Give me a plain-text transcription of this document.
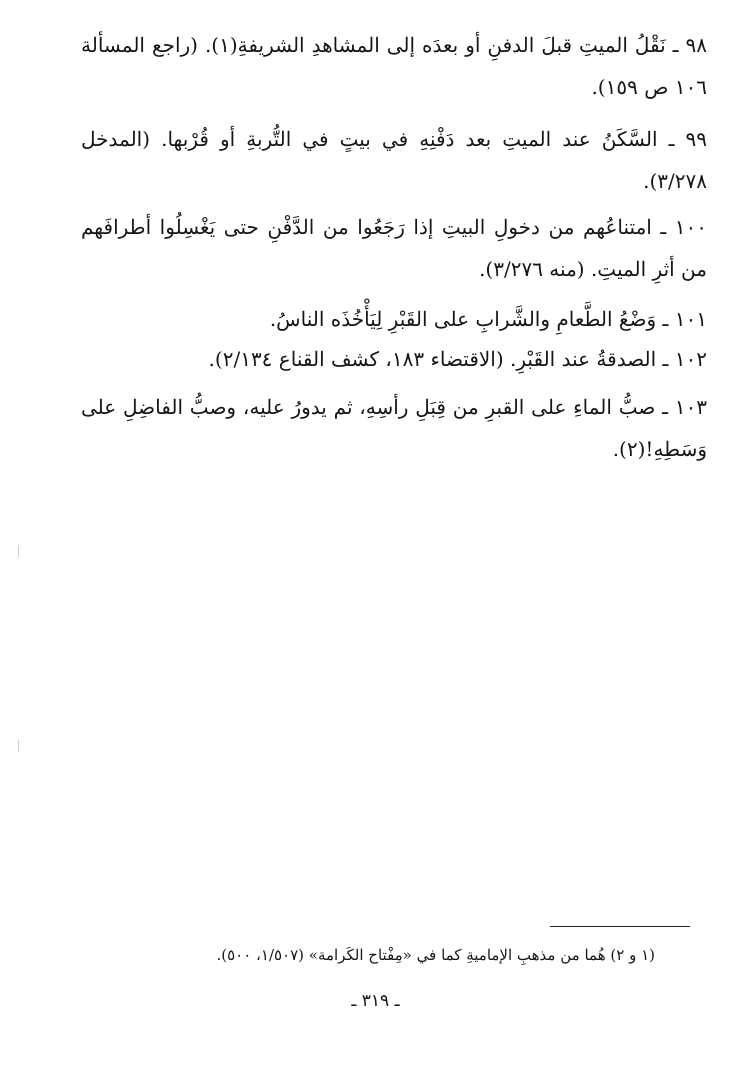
٩٨ ـ نَقْلُ الميتِ قبلَ الدفنِ أو بعدَه إلى المشاهدِ الشريفةِ(١). (راجع المسألة ١٠٦ ص ١٥٩).

٩٩ ـ السَّكَنُ عند الميتِ بعد دَفْنِهِ في بيتٍ في التُّربةِ أو قُرْبها. (المدخل ٣/٢٧٨).

١٠٠ ـ امتناعُهم من دخولِ البيتِ إذا رَجَعُوا من الدَّفْنِ حتى يَغْسِلُوا أطرافَهم من أثرِ الميتِ. (منه ٣/٢٧٦).

١٠١ ـ وَضْعُ الطَّعامِ والشَّرابِ على القَبْرِ لِيَأْخُذَه الناسُ.

١٠٢ ـ الصدقةُ عند القَبْرِ. (الاقتضاء ١٨٣، كشف القناع ٢/١٣٤).

١٠٣ ـ صبُّ الماءِ على القبرِ من قِبَلِ رأسِهِ، ثم يدورُ عليه، وصبُّ الفاضِلِ على وَسَطِهِ!(٢).

(١ و ٢) هُما من مذهبِ الإماميةِ كما في «مِفْتاح الكَرامة» (١/٥٠٧، ٥٠٠).
ـ ٣١٩ ـ
